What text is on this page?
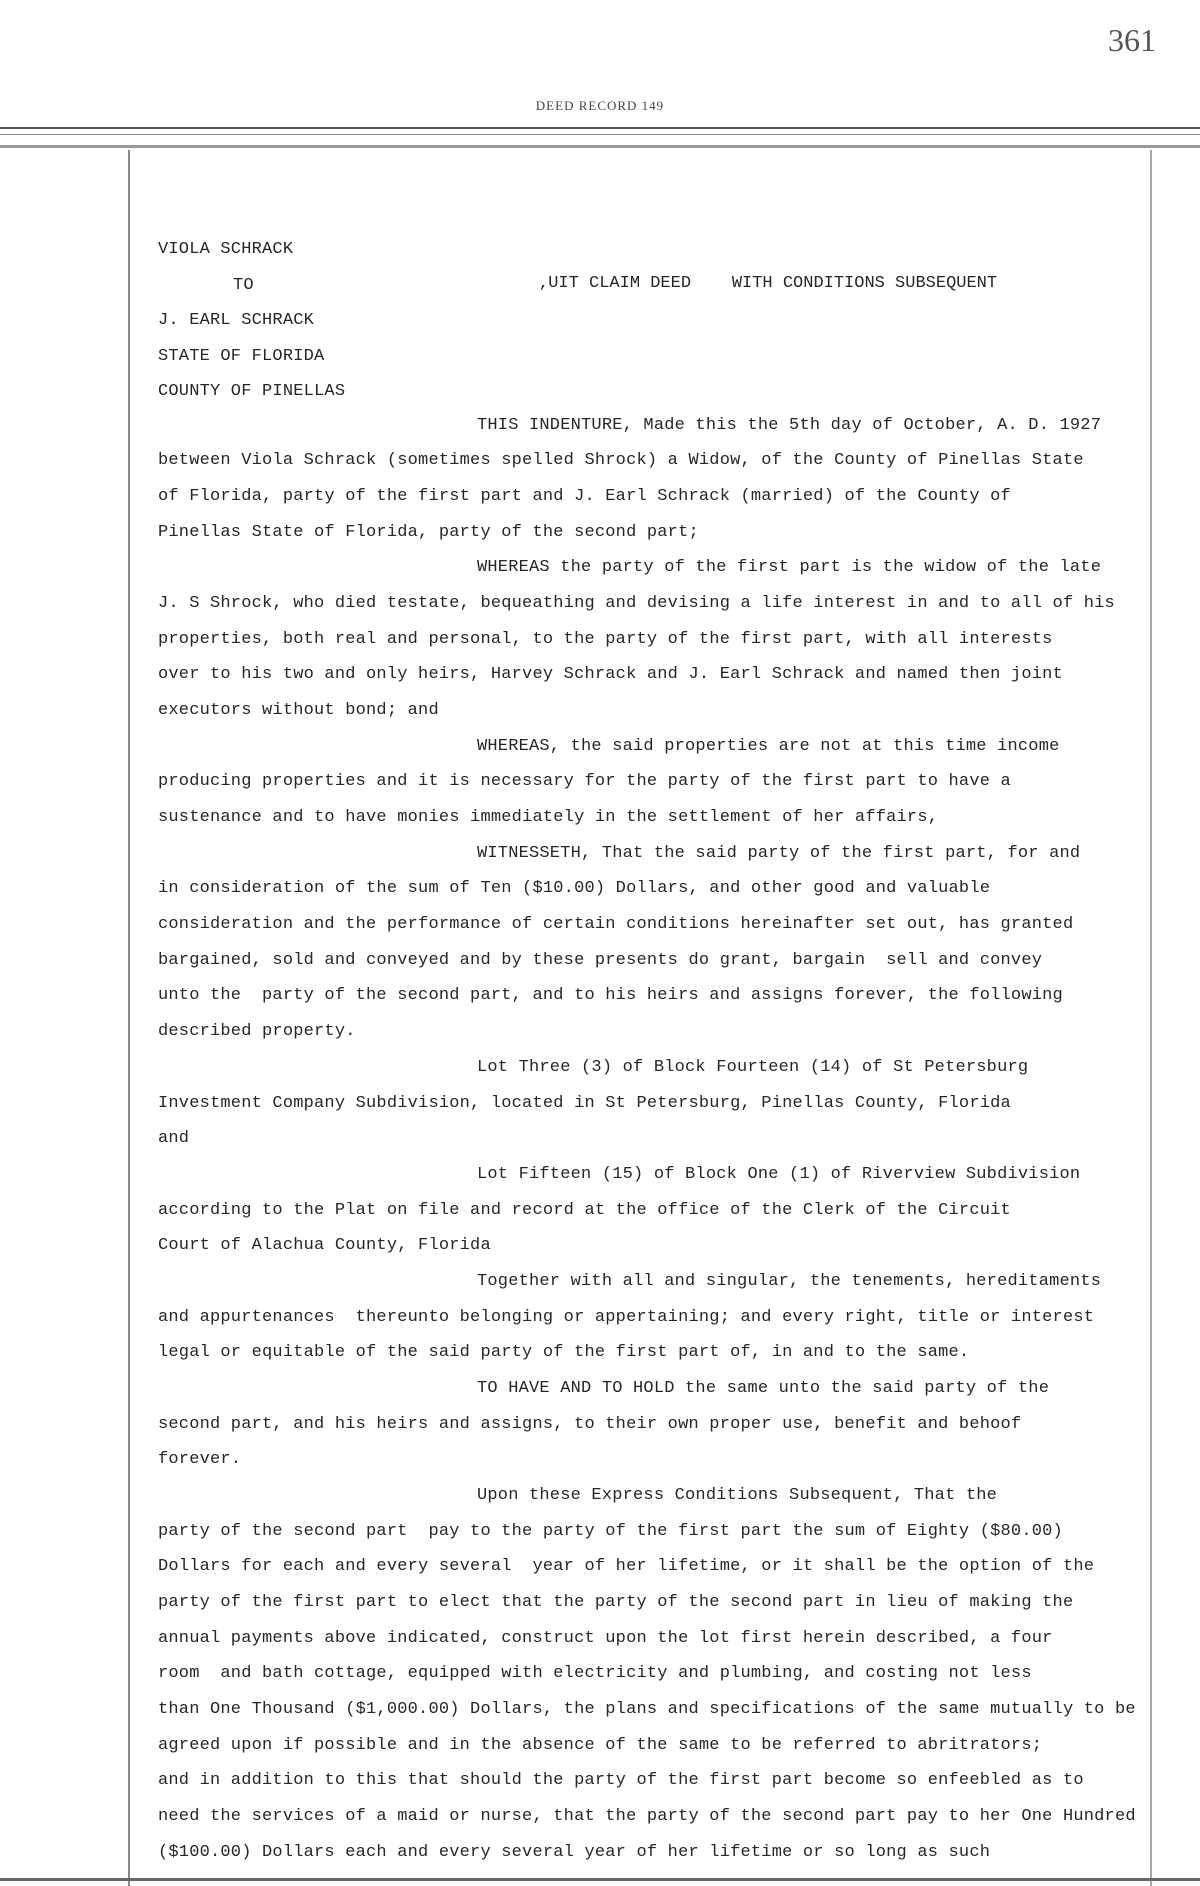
361
DEED RECORD 149
VIOLA SCHRACK
TO	‚UIT CLAIM DEED    WITH CONDITIONS SUBSEQUENT
J. EARL SCHRACK
STATE OF FLORIDA
COUNTY OF PINELLAS
THIS INDENTURE, Made this the 5th day of October, A. D. 1927
between Viola Schrack (sometimes spelled Shrock) a Widow, of the County of Pinellas State
of Florida, party of the first part and J. Earl Schrack (married) of the County of
Pinellas State of Florida, party of the second part;
WHEREAS the party of the first part is the widow of the late
J. S Shrock, who died testate, bequeathing and devising a life interest in and to all of his
properties, both real and personal, to the party of the first part, with all interests
over to his two and only heirs, Harvey Schrack and J. Earl Schrack and named then joint
executors without bond; and
WHEREAS, the said properties are not at this time income
producing properties and it is necessary for the party of the first part to have a
sustenance and to have monies immediately in the settlement of her affairs,
WITNESSETH, That the said party of the first part, for and
in consideration of the sum of Ten ($10.00) Dollars, and other good and valuable
consideration and the performance of certain conditions hereinafter set out, has granted
bargained, sold and conveyed and by these presents do grant, bargain  sell and convey
unto the  party of the second part, and to his heirs and assigns forever, the following
described property.
Lot Three (3) of Block Fourteen (14) of St Petersburg
Investment Company Subdivision, located in St Petersburg, Pinellas County, Florida
and
Lot Fifteen (15) of Block One (1) of Riverview Subdivision
according to the Plat on file and record at the office of the Clerk of the Circuit
Court of Alachua County, Florida
Together with all and singular, the tenements, hereditaments
and appurtenances  thereunto belonging or appertaining; and every right, title or interest
legal or equitable of the said party of the first part of, in and to the same.
TO HAVE AND TO HOLD the same unto the said party of the
second part, and his heirs and assigns, to their own proper use, benefit and behoof
forever.
Upon these Express Conditions Subsequent, That the
party of the second part  pay to the party of the first part the sum of Eighty ($80.00)
Dollars for each and every several  year of her lifetime, or it shall be the option of the
party of the first part to elect that the party of the second part in lieu of making the
annual payments above indicated, construct upon the lot first herein described, a four
room  and bath cottage, equipped with electricity and plumbing, and costing not less
than One Thousand ($1,000.00) Dollars, the plans and specifications of the same mutually to be
agreed upon if possible and in the absence of the same to be referred to abritrators;
and in addition to this that should the party of the first part become so enfeebled as to
need the services of a maid or nurse, that the party of the second part pay to her One Hundred
($100.00) Dollars each and every several year of her lifetime or so long as such
